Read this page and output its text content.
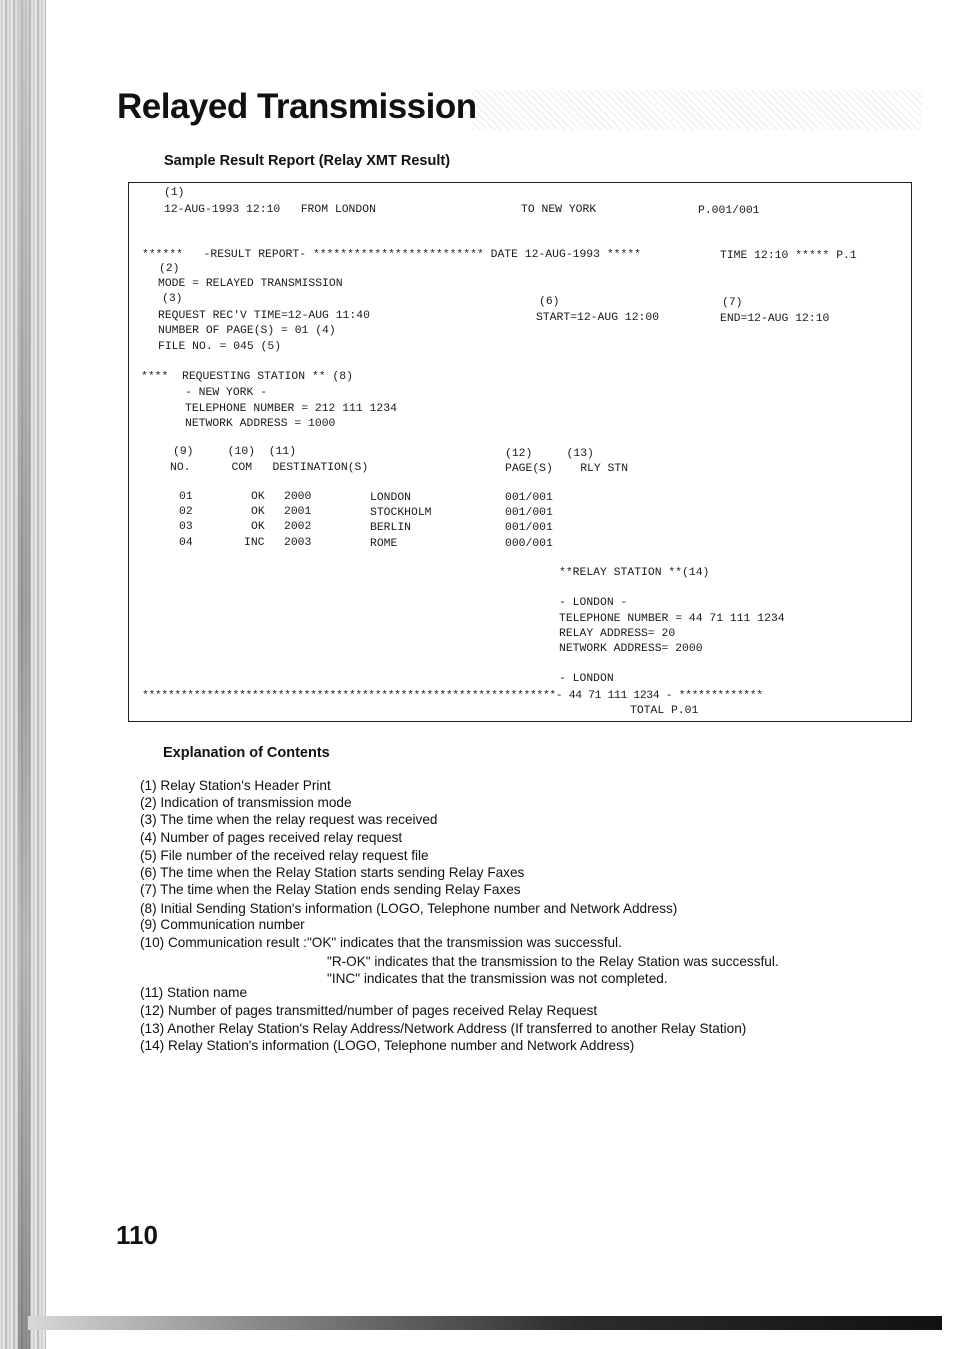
Relayed Transmission
Sample Result Report (Relay XMT Result)
(1)
12-AUG-1993 12:10   FROM LONDON	TO NEW YORK	P.001/001
******   -RESULT REPORT- ************************* DATE 12-AUG-1993 *****	TIME 12:10 ***** P.1
(2)
MODE = RELAYED TRANSMISSION
(3)	(6)	(7)
REQUEST REC'V TIME=12-AUG 11:40	START=12-AUG 12:00	END=12-AUG 12:10
NUMBER OF PAGE(S) = 01 (4)
FILE NO. = 045 (5)
****  REQUESTING STATION ** (8)
- NEW YORK -
TELEPHONE NUMBER = 212 111 1234
NETWORK ADDRESS = 1000
(9)     (10)  (11)	(12)     (13)
NO.      COM   DESTINATION(S)	PAGE(S)    RLY STN
01	OK 2000	LONDON	001/001
02	OK 2001	STOCKHOLM	001/001
03	OK 2002	BERLIN	001/001
04	INC 2003	ROME	000/001
**RELAY STATION **(14)
- LONDON -
TELEPHONE NUMBER = 44 71 111 1234
RELAY ADDRESS= 20
NETWORK ADDRESS= 2000
- LONDON
****************************************************************- 44 71 111 1234 - *************
TOTAL P.01
Explanation of Contents
(1) Relay Station's Header Print
(2) Indication of transmission mode
(3) The time when the relay request was received
(4) Number of pages received relay request
(5) File number of the received relay request file
(6) The time when the Relay Station starts sending Relay Faxes
(7) The time when the Relay Station ends sending Relay Faxes
(8) Initial Sending Station's information (LOGO, Telephone number and Network Address)
(9) Communication number
(10) Communication result :"OK" indicates that the transmission was successful.
"R-OK" indicates that the transmission to the Relay Station was successful.
"INC" indicates that the transmission was not completed.
(11) Station name
(12) Number of pages transmitted/number of pages received Relay Request
(13) Another Relay Station's Relay Address/Network Address (If transferred to another Relay Station)
(14) Relay Station's information (LOGO, Telephone number and Network Address)
110
